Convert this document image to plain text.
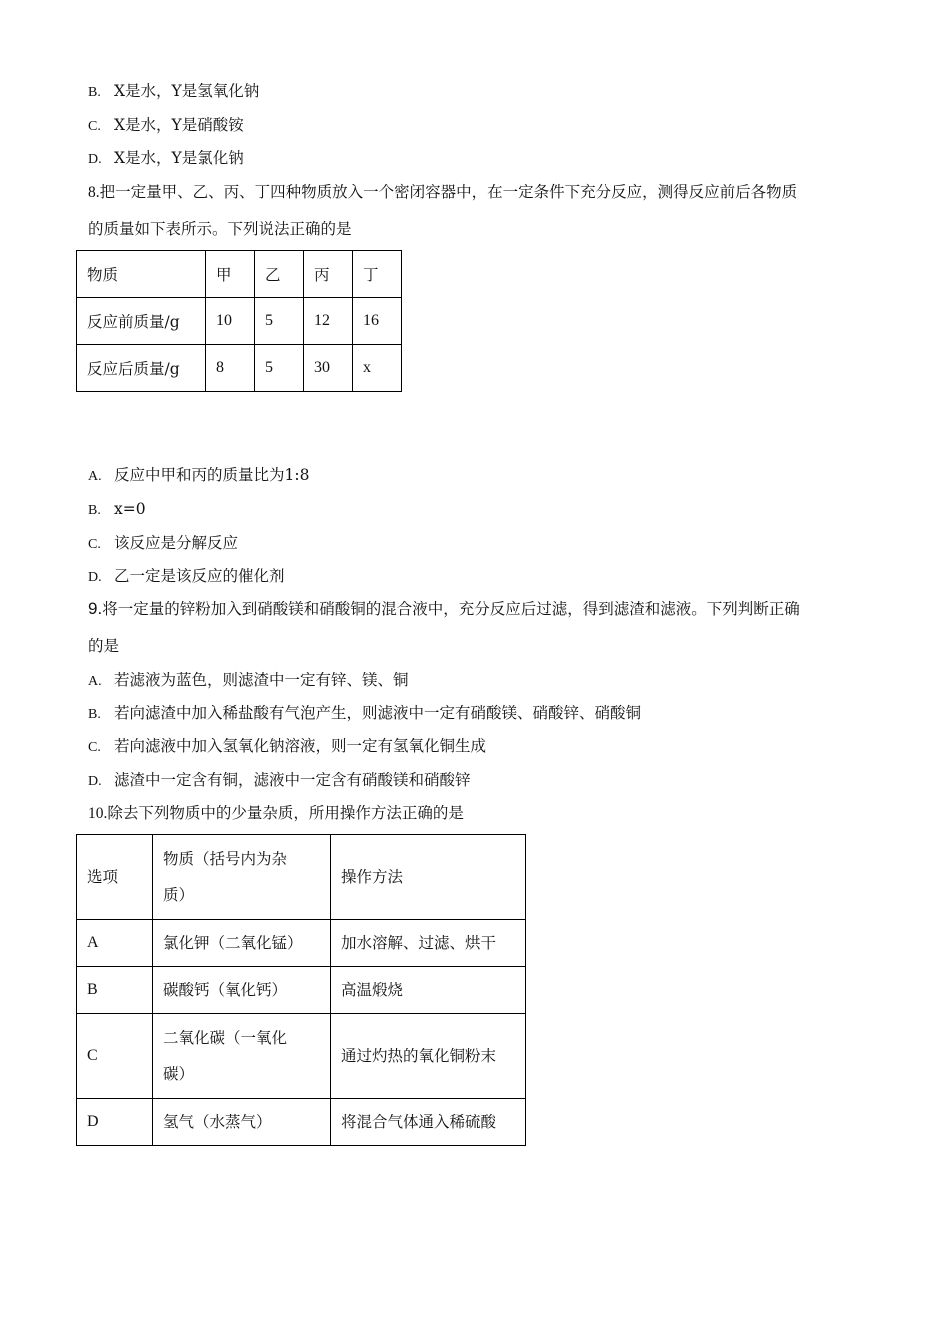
B. X是水，Y是氢氧化钠
C. X是水，Y是硝酸铵
D. X是水，Y是氯化钠
8.把一定量甲、乙、丙、丁四种物质放入一个密闭容器中，在一定条件下充分反应，测得反应前后各物质
的质量如下表所示。下列说法正确的是
物质	甲	乙	丙	丁
反应前质量/g	10	5	12	16
反应后质量/g	8	5	30	x
A. 反应中甲和丙的质量比为1:8
B. x=0
C. 该反应是分解反应
D. 乙一定是该反应的催化剂
9.将一定量的锌粉加入到硝酸镁和硝酸铜的混合液中，充分反应后过滤，得到滤渣和滤液。下列判断正确
的是
A. 若滤液为蓝色，则滤渣中一定有锌、镁、铜
B. 若向滤渣中加入稀盐酸有气泡产生，则滤液中一定有硝酸镁、硝酸锌、硝酸铜
C. 若向滤液中加入氢氧化钠溶液，则一定有氢氧化铜生成
D. 滤渣中一定含有铜，滤液中一定含有硝酸镁和硝酸锌
10.除去下列物质中的少量杂质，所用操作方法正确的是
选项	物质（括号内为杂
质）	操作方法
A	氯化钾（二氧化锰）	加水溶解、过滤、烘干
B	碳酸钙（氧化钙）	高温煅烧
C	二氧化碳（一氧化
碳）	通过灼热的氧化铜粉末
D	氢气（水蒸气）	将混合气体通入稀硫酸
